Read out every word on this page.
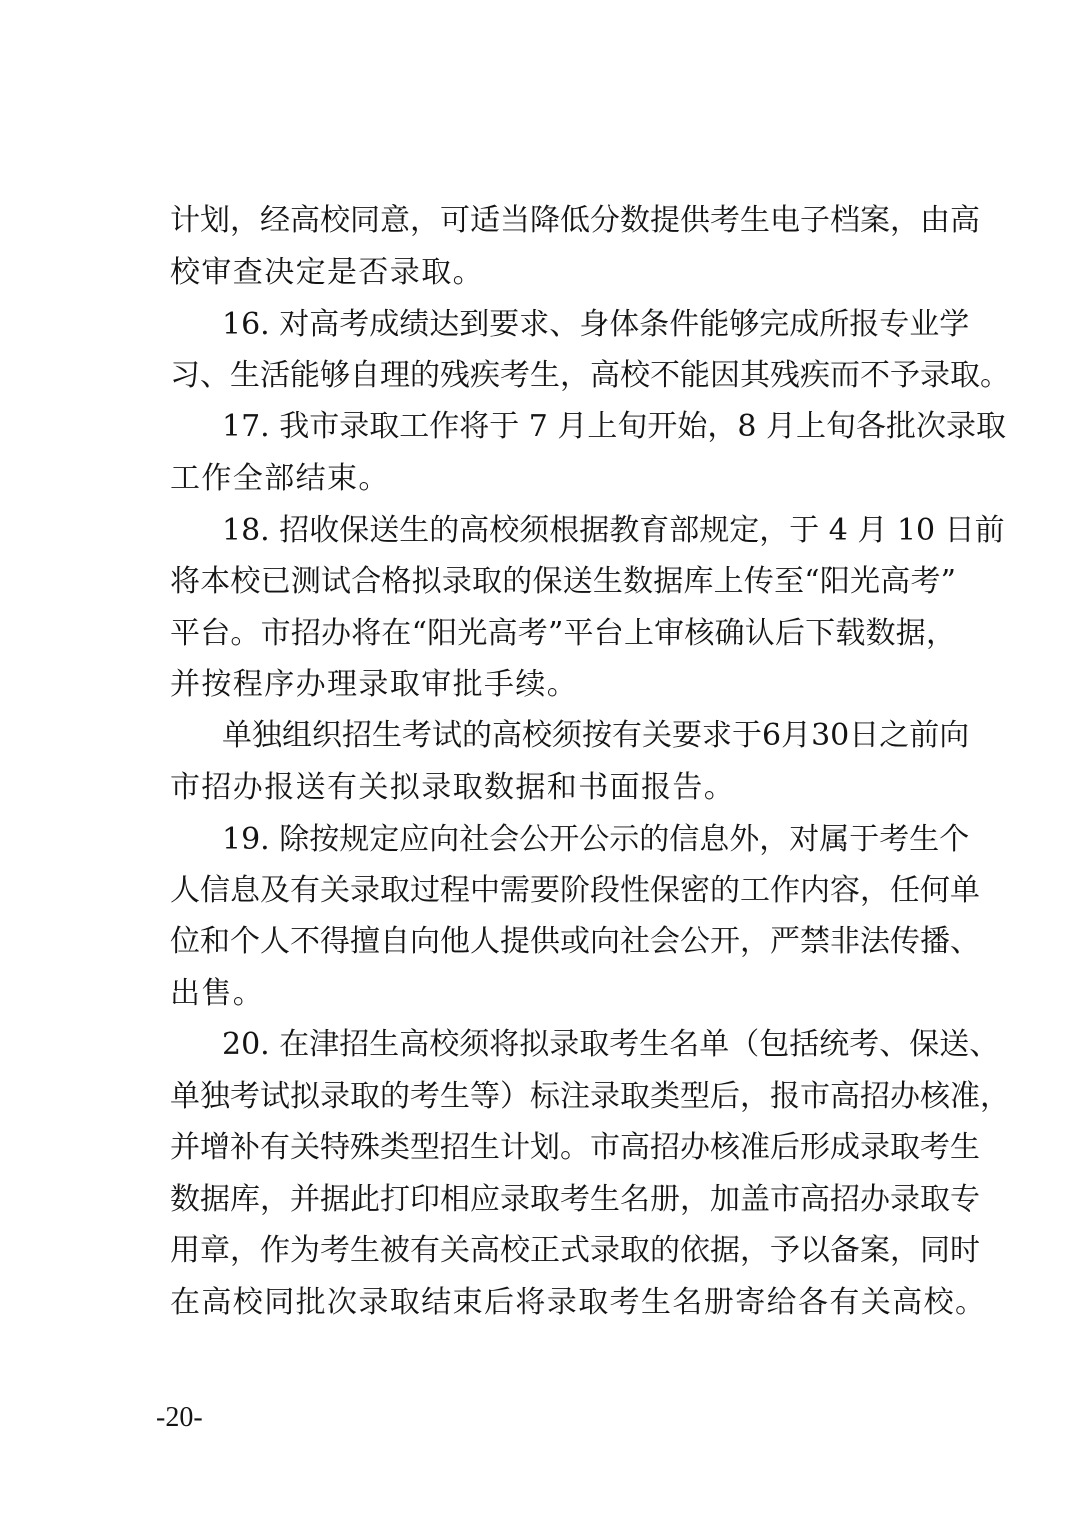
计划，经高校同意，可适当降低分数提供考生电子档案，由高
校审查决定是否录取。
16. 对高考成绩达到要求、身体条件能够完成所报专业学
习、生活能够自理的残疾考生，高校不能因其残疾而不予录取。
17. 我市录取工作将于 7 月上旬开始，8 月上旬各批次录取
工作全部结束。
18. 招收保送生的高校须根据教育部规定，于 4 月 10 日前
将本校已测试合格拟录取的保送生数据库上传至“阳光高考”
平台。市招办将在“阳光高考”平台上审核确认后下载数据，
并按程序办理录取审批手续。
单独组织招生考试的高校须按有关要求于6月30日之前向
市招办报送有关拟录取数据和书面报告。
19. 除按规定应向社会公开公示的信息外，对属于考生个
人信息及有关录取过程中需要阶段性保密的工作内容，任何单
位和个人不得擅自向他人提供或向社会公开，严禁非法传播、
出售。
20. 在津招生高校须将拟录取考生名单（包括统考、保送、
单独考试拟录取的考生等）标注录取类型后，报市高招办核准，
并增补有关特殊类型招生计划。市高招办核准后形成录取考生
数据库，并据此打印相应录取考生名册，加盖市高招办录取专
用章，作为考生被有关高校正式录取的依据，予以备案，同时
在高校同批次录取结束后将录取考生名册寄给各有关高校。
-20-
